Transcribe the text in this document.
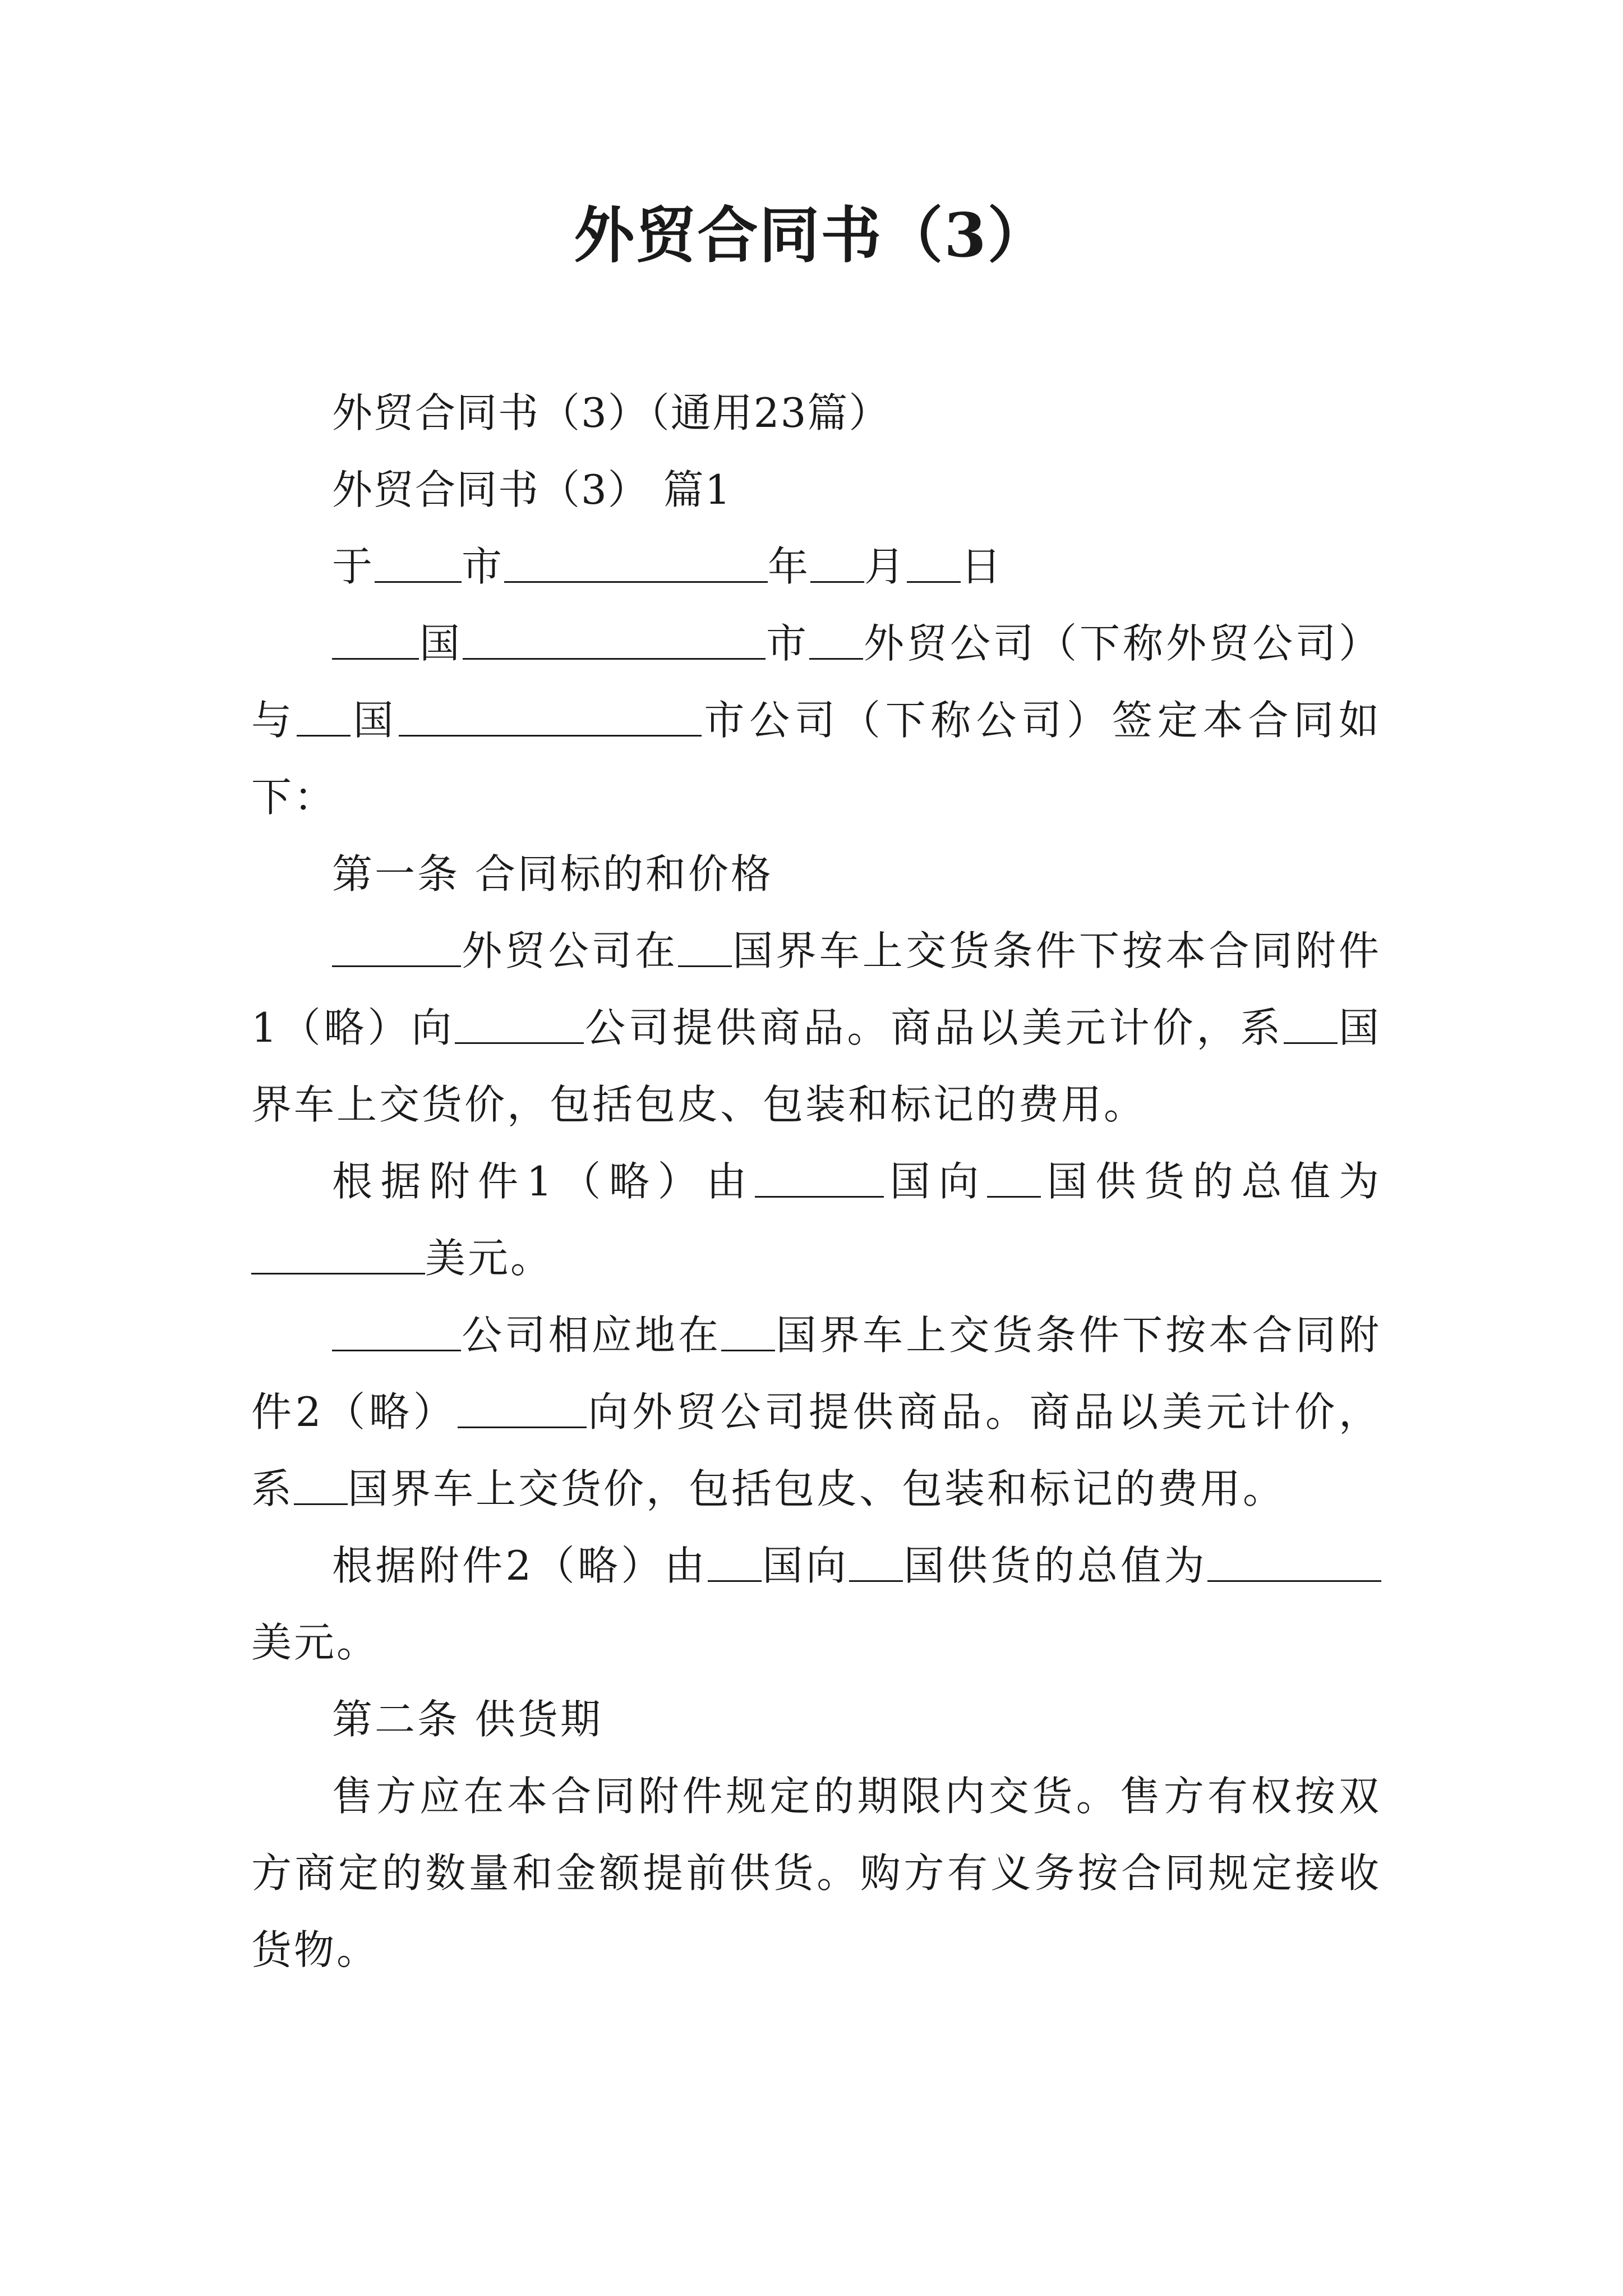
外贸合同书（3）

外贸合同书（3）（通用23篇）

外贸合同书（3） 篇1

于 市	年 月 日

国	市 外贸公司（下称外贸公司）与 国	市公司（下称公司）签定本合同如下：

第一条 合同标的和价格

外贸公司在 国界车上交货条件下按本合同附件1（略）向	公司提供商品。商品以美元计价，系 国界车上交货价，包括包皮、包装和标记的费用。

根据附件1（略）由	国向 国供货的总值为美元。

公司相应地在 国界车上交货条件下按本合同附件2（略）	向外贸公司提供商品。商品以美元计价，系 国界车上交货价，包括包皮、包装和标记的费用。

根据附件2（略）由 国向 国供货的总值为美元。

第二条 供货期

售方应在本合同附件规定的期限内交货。售方有权按双方商定的数量和金额提前供货。购方有义务按合同规定接收货物。
